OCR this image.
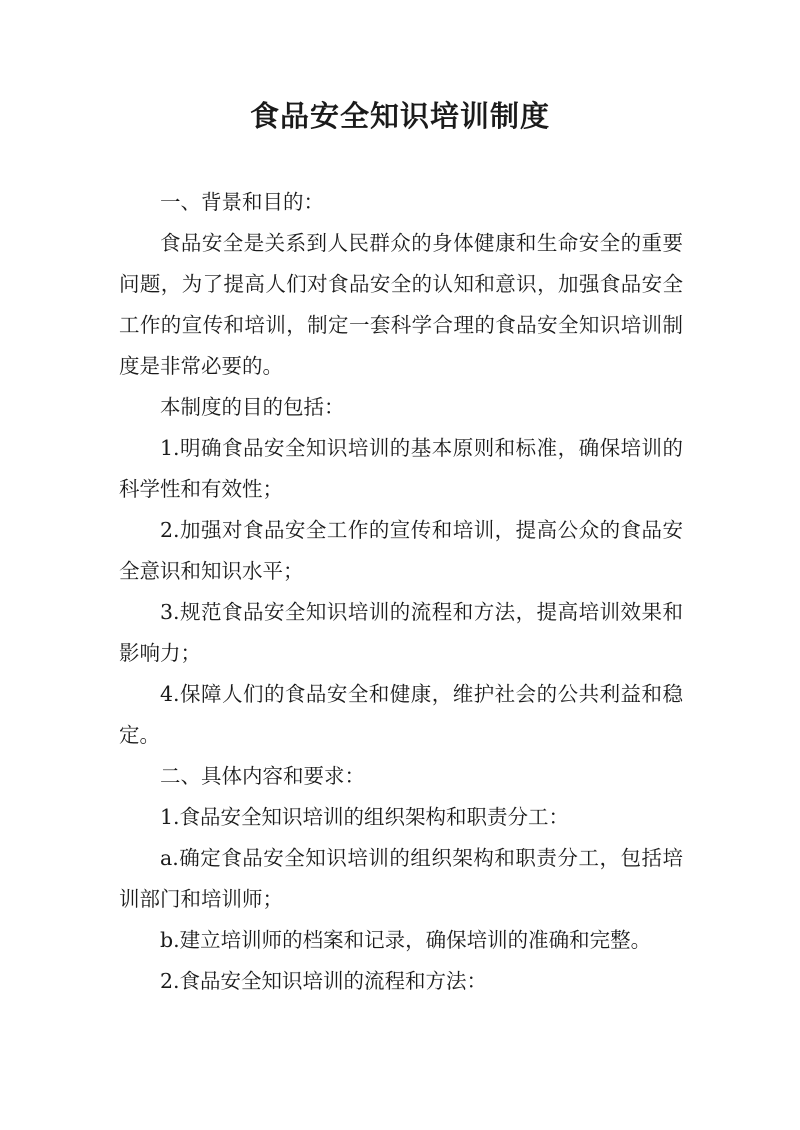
食品安全知识培训制度

一、背景和目的：

食品安全是关系到人民群众的身体健康和生命安全的重要问题，为了提高人们对食品安全的认知和意识，加强食品安全工作的宣传和培训，制定一套科学合理的食品安全知识培训制度是非常必要的。

本制度的目的包括：

1.明确食品安全知识培训的基本原则和标准，确保培训的科学性和有效性；

2.加强对食品安全工作的宣传和培训，提高公众的食品安全意识和知识水平；

3.规范食品安全知识培训的流程和方法，提高培训效果和影响力；

4.保障人们的食品安全和健康，维护社会的公共利益和稳定。

二、具体内容和要求：

1.食品安全知识培训的组织架构和职责分工：

a.确定食品安全知识培训的组织架构和职责分工，包括培训部门和培训师；

b.建立培训师的档案和记录，确保培训的准确和完整。

2.食品安全知识培训的流程和方法：
